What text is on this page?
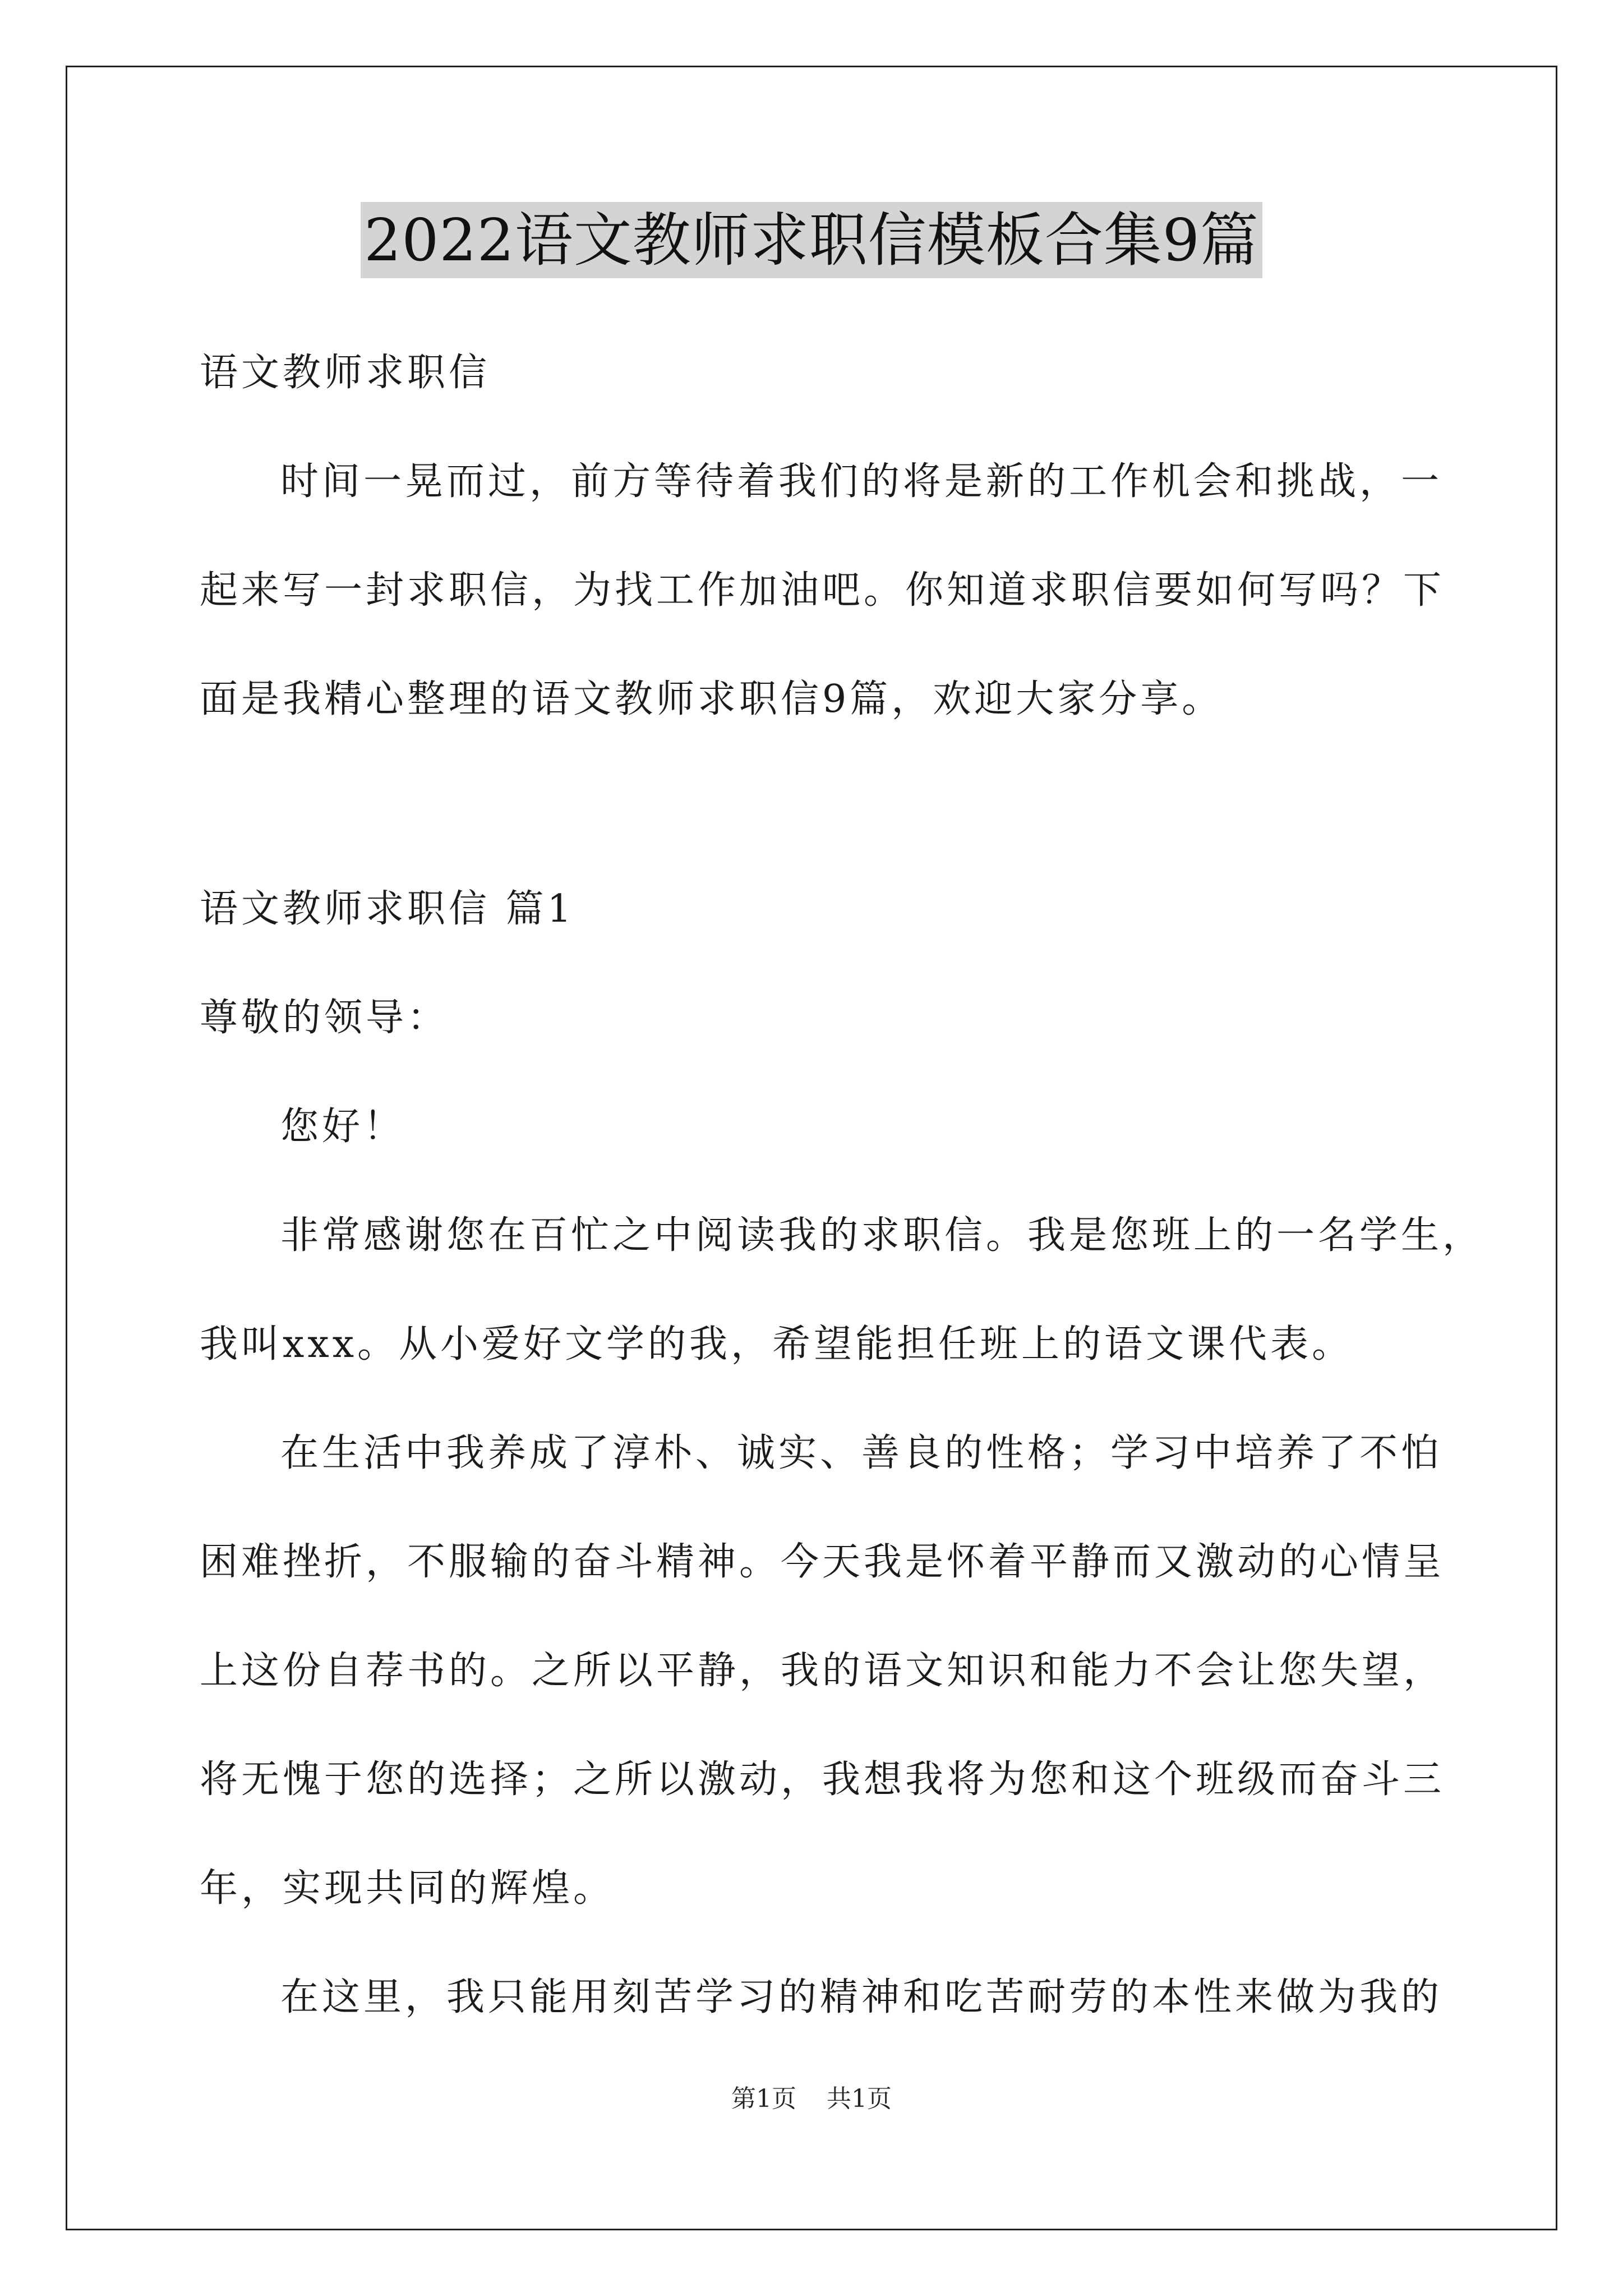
2022语文教师求职信模板合集9篇
语文教师求职信
时间一晃而过，前方等待着我们的将是新的工作机会和挑战，一
起来写一封求职信，为找工作加油吧。你知道求职信要如何写吗？下
面是我精心整理的语文教师求职信9篇，欢迎大家分享。
语文教师求职信 篇1
尊敬的领导：
您好！
非常感谢您在百忙之中阅读我的求职信。我是您班上的一名学生，
我叫xxx。从小爱好文学的我，希望能担任班上的语文课代表。
在生活中我养成了淳朴、诚实、善良的性格；学习中培养了不怕
困难挫折，不服输的奋斗精神。今天我是怀着平静而又激动的心情呈
上这份自荐书的。之所以平静，我的语文知识和能力不会让您失望，
将无愧于您的选择；之所以激动，我想我将为您和这个班级而奋斗三
年，实现共同的辉煌。
在这里，我只能用刻苦学习的精神和吃苦耐劳的本性来做为我的
第1页 共1页
